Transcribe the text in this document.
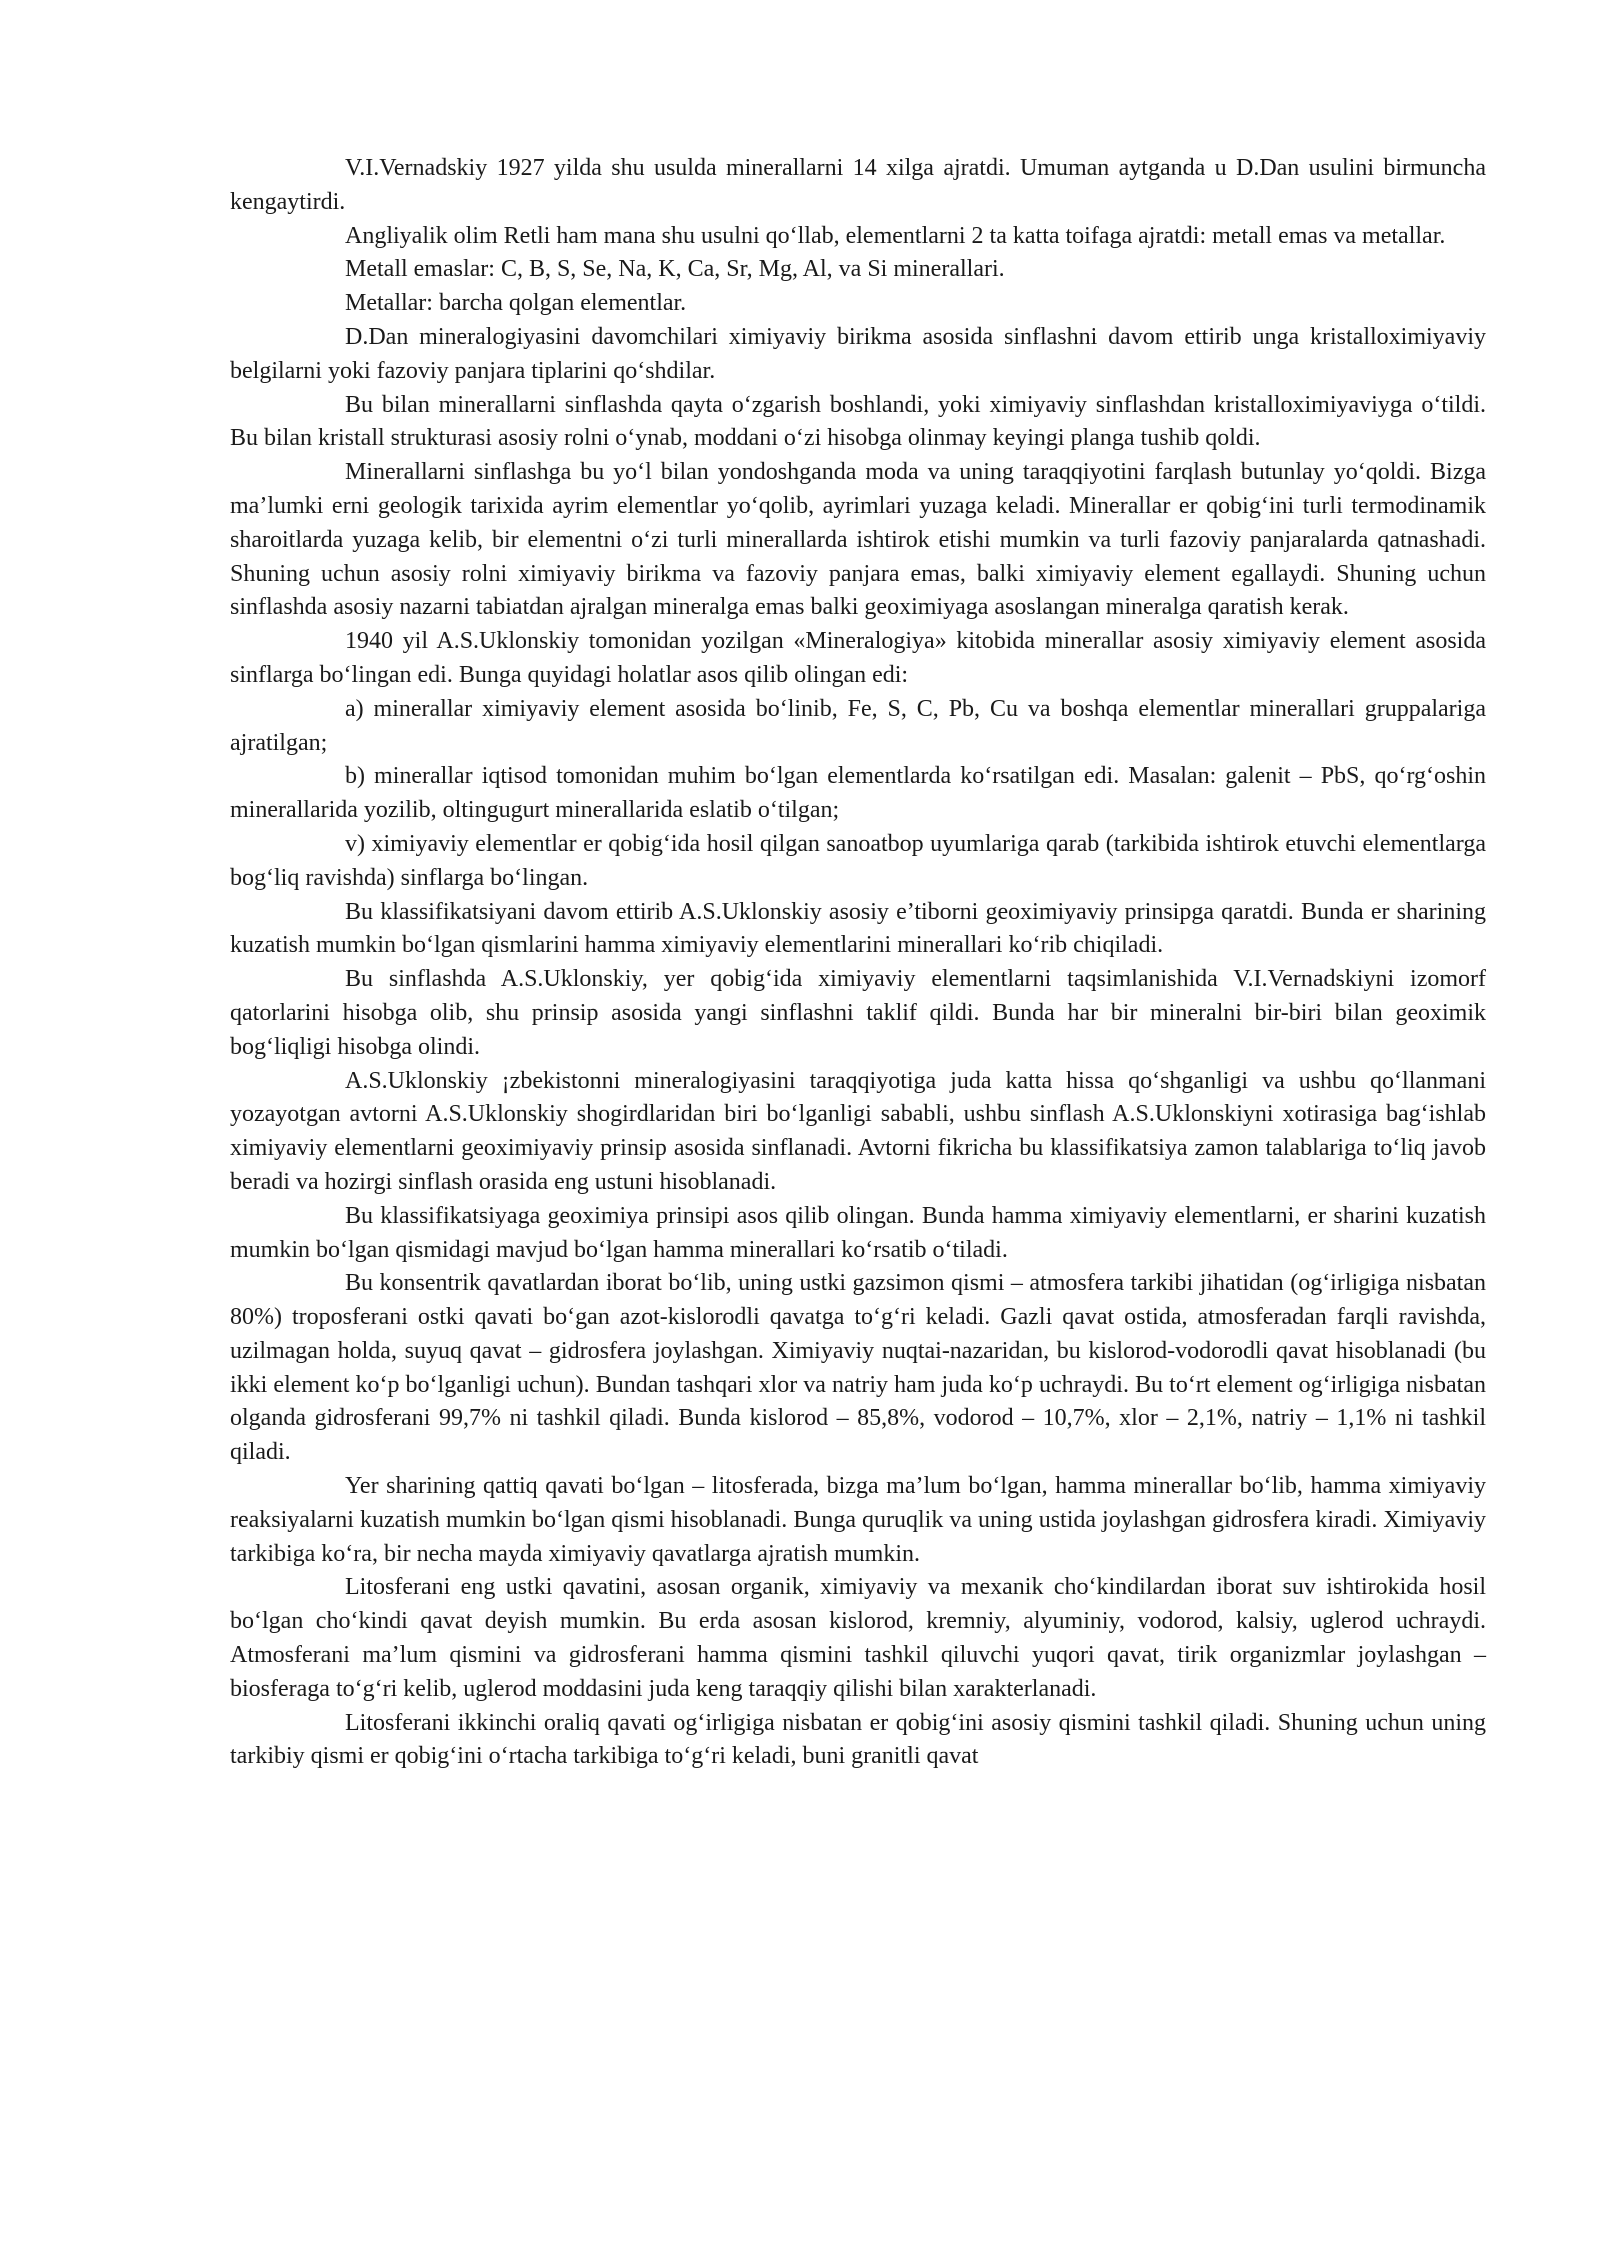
V.I.Vernadskiy 1927 yilda shu usulda minerallarni 14 xilga ajratdi. Umuman aytganda u D.Dan usulini birmuncha kengaytirdi.

Angliyalik olim Retli ham mana shu usulni qo‘llab, elementlarni 2 ta katta toifaga ajratdi: metall emas va metallar.

Metall emaslar: C, B, S, Se, Na, K, Ca, Sr, Mg, Al, va Si minerallari.

Metallar: barcha qolgan elementlar.

D.Dan mineralogiyasini davomchilari ximiyaviy birikma asosida sinflashni davom ettirib unga kristalloximiyaviy belgilarni yoki fazoviy panjara tiplarini qo‘shdilar.

Bu bilan minerallarni sinflashda qayta o‘zgarish boshlandi, yoki ximiyaviy sinflashdan kristalloximiyaviyga o‘tildi. Bu bilan kristall strukturasi asosiy rolni o‘ynab, moddani o‘zi hisobga olinmay keyingi planga tushib qoldi.

Minerallarni sinflashga bu yo‘l bilan yondoshganda moda va uning taraqqiyotini farqlash butunlay yo‘qoldi. Bizga ma’lumki erni geologik tarixida ayrim elementlar yo‘qolib, ayrimlari yuzaga keladi. Minerallar er qobig‘ini turli termodinamik sharoitlarda yuzaga kelib, bir elementni o‘zi turli minerallarda ishtirok etishi mumkin va turli fazoviy panjaralarda qatnashadi. Shuning uchun asosiy rolni ximiyaviy birikma va fazoviy panjara emas, balki ximiyaviy element egallaydi. Shuning uchun sinflashda asosiy nazarni tabiatdan ajralgan mineralga emas balki geoximiyaga asoslangan mineralga qaratish kerak.

1940 yil A.S.Uklonskiy tomonidan yozilgan «Mineralogiya» kitobida minerallar asosiy ximiyaviy element asosida sinflarga bo‘lingan edi. Bunga quyidagi holatlar asos qilib olingan edi:

a) minerallar ximiyaviy element asosida bo‘linib, Fe, S, C, Pb, Cu va boshqa elementlar minerallari gruppalariga ajratilgan;

b) minerallar iqtisod tomonidan muhim bo‘lgan elementlarda ko‘rsatilgan edi. Masalan: galenit – PbS, qo‘rg‘oshin minerallarida yozilib, oltingugurt minerallarida eslatib o‘tilgan;

v) ximiyaviy elementlar er qobig‘ida hosil qilgan sanoatbop uyumlariga qarab (tarkibida ishtirok etuvchi elementlarga bog‘liq ravishda) sinflarga bo‘lingan.

Bu klassifikatsiyani davom ettirib A.S.Uklonskiy asosiy e’tiborni geoximiyaviy prinsipga qaratdi. Bunda er sharining kuzatish mumkin bo‘lgan qismlarini hamma ximiyaviy elementlarini minerallari ko‘rib chiqiladi.

Bu sinflashda A.S.Uklonskiy, yer qobig‘ida ximiyaviy elementlarni taqsimlanishida V.I.Vernadskiyni izomorf qatorlarini hisobga olib, shu prinsip asosida yangi sinflashni taklif qildi. Bunda har bir mineralni bir-biri bilan geoximik bog‘liqligi hisobga olindi.

A.S.Uklonskiy ¡zbekistonni mineralogiyasini taraqqiyotiga juda katta hissa qo‘shganligi va ushbu qo‘llanmani yozayotgan avtorni A.S.Uklonskiy shogirdlaridan biri bo‘lganligi sababli, ushbu sinflash A.S.Uklonskiyni xotirasiga bag‘ishlab ximiyaviy elementlarni geoximiyaviy prinsip asosida sinflanadi. Avtorni fikricha bu klassifikatsiya zamon talablariga to‘liq javob beradi va hozirgi sinflash orasida eng ustuni hisoblanadi.

Bu klassifikatsiyaga geoximiya prinsipi asos qilib olingan. Bunda hamma ximiyaviy elementlarni, er sharini kuzatish mumkin bo‘lgan qismidagi mavjud bo‘lgan hamma minerallari ko‘rsatib o‘tiladi.

Bu konsentrik qavatlardan iborat bo‘lib, uning ustki gazsimon qismi – atmosfera tarkibi jihatidan (og‘irligiga nisbatan 80%) troposferani ostki qavati bo‘gan azot-kislorodli qavatga to‘g‘ri keladi. Gazli qavat ostida, atmosferadan farqli ravishda, uzilmagan holda, suyuq qavat – gidrosfera joylashgan. Ximiyaviy nuqtai-nazaridan, bu kislorod-vodorodli qavat hisoblanadi (bu ikki element ko‘p bo‘lganligi uchun). Bundan tashqari xlor va natriy ham juda ko‘p uchraydi. Bu to‘rt element og‘irligiga nisbatan olganda gidrosferani 99,7% ni tashkil qiladi. Bunda kislorod – 85,8%, vodorod – 10,7%, xlor – 2,1%, natriy – 1,1% ni tashkil qiladi.

Yer sharining qattiq qavati bo‘lgan – litosferada, bizga ma’lum bo‘lgan, hamma minerallar bo‘lib, hamma ximiyaviy reaksiyalarni kuzatish mumkin bo‘lgan qismi hisoblanadi. Bunga quruqlik va uning ustida joylashgan gidrosfera kiradi. Ximiyaviy tarkibiga ko‘ra, bir necha mayda ximiyaviy qavatlarga ajratish mumkin.

Litosferani eng ustki qavatini, asosan organik, ximiyaviy va mexanik cho‘kindilardan iborat suv ishtirokida hosil bo‘lgan cho‘kindi qavat deyish mumkin. Bu erda asosan kislorod, kremniy, alyuminiy, vodorod, kalsiy, uglerod uchraydi. Atmosferani ma’lum qismini va gidrosferani hamma qismini tashkil qiluvchi yuqori qavat, tirik organizmlar joylashgan – biosferaga to‘g‘ri kelib, uglerod moddasini juda keng taraqqiy qilishi bilan xarakterlanadi.

Litosferani ikkinchi oraliq qavati og‘irligiga nisbatan er qobig‘ini asosiy qismini tashkil qiladi. Shuning uchun uning tarkibiy qismi er qobig‘ini o‘rtacha tarkibiga to‘g‘ri keladi, buni granitli qavat
